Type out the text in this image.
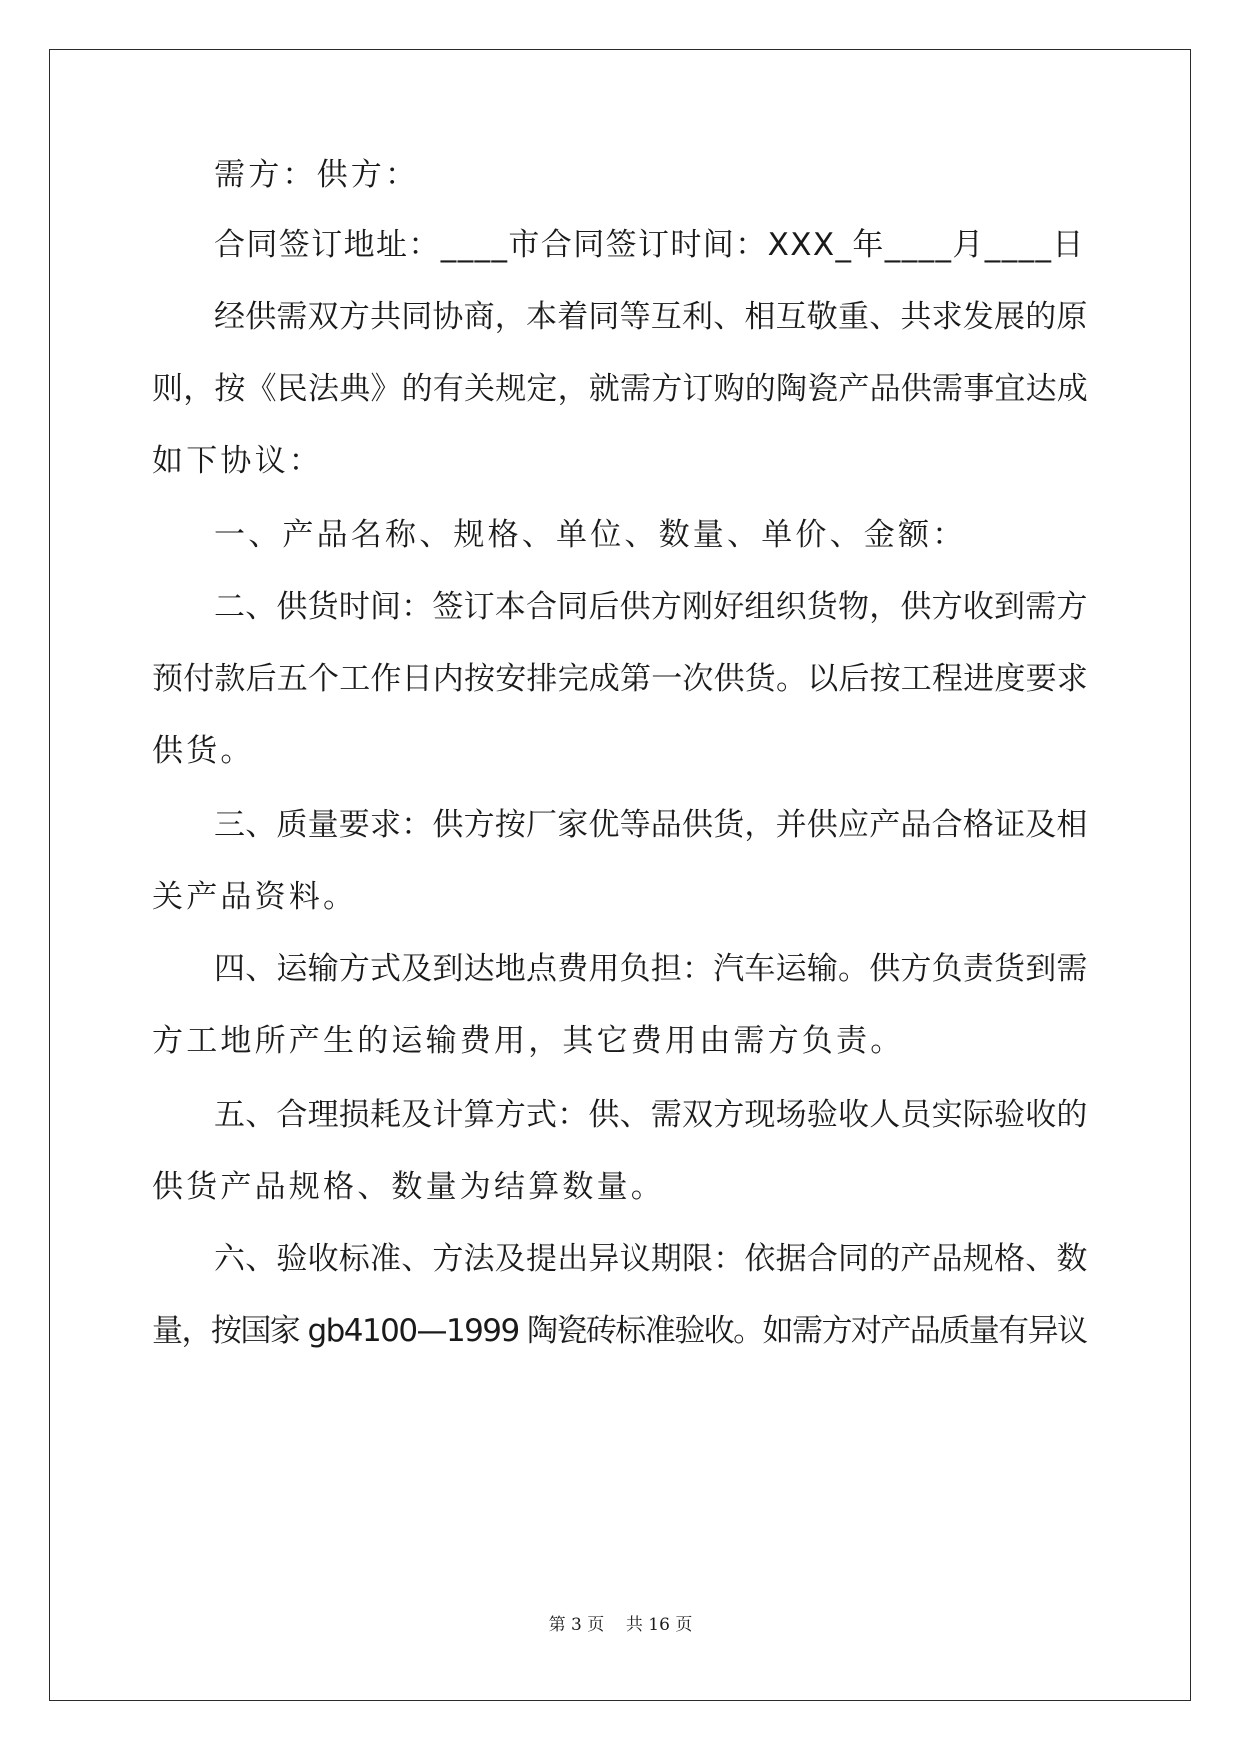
需方：供方：
合同签订地址：____市合同签订时间：XXX_年____月____日
经供需双方共同协商，本着同等互利、相互敬重、共求发展的原
则，按《民法典》的有关规定，就需方订购的陶瓷产品供需事宜达成
如下协议：
一、产品名称、规格、单位、数量、单价、金额：
二、供货时间：签订本合同后供方刚好组织货物，供方收到需方
预付款后五个工作日内按安排完成第一次供货。以后按工程进度要求
供货。
三、质量要求：供方按厂家优等品供货，并供应产品合格证及相
关产品资料。
四、运输方式及到达地点费用负担：汽车运输。供方负责货到需
方工地所产生的运输费用，其它费用由需方负责。
五、合理损耗及计算方式：供、需双方现场验收人员实际验收的
供货产品规格、数量为结算数量。
六、验收标准、方法及提出异议期限：依据合同的产品规格、数
量，按国家 gb4100—1999 陶瓷砖标准验收。如需方对产品质量有异议
第 3 页    共 16 页
